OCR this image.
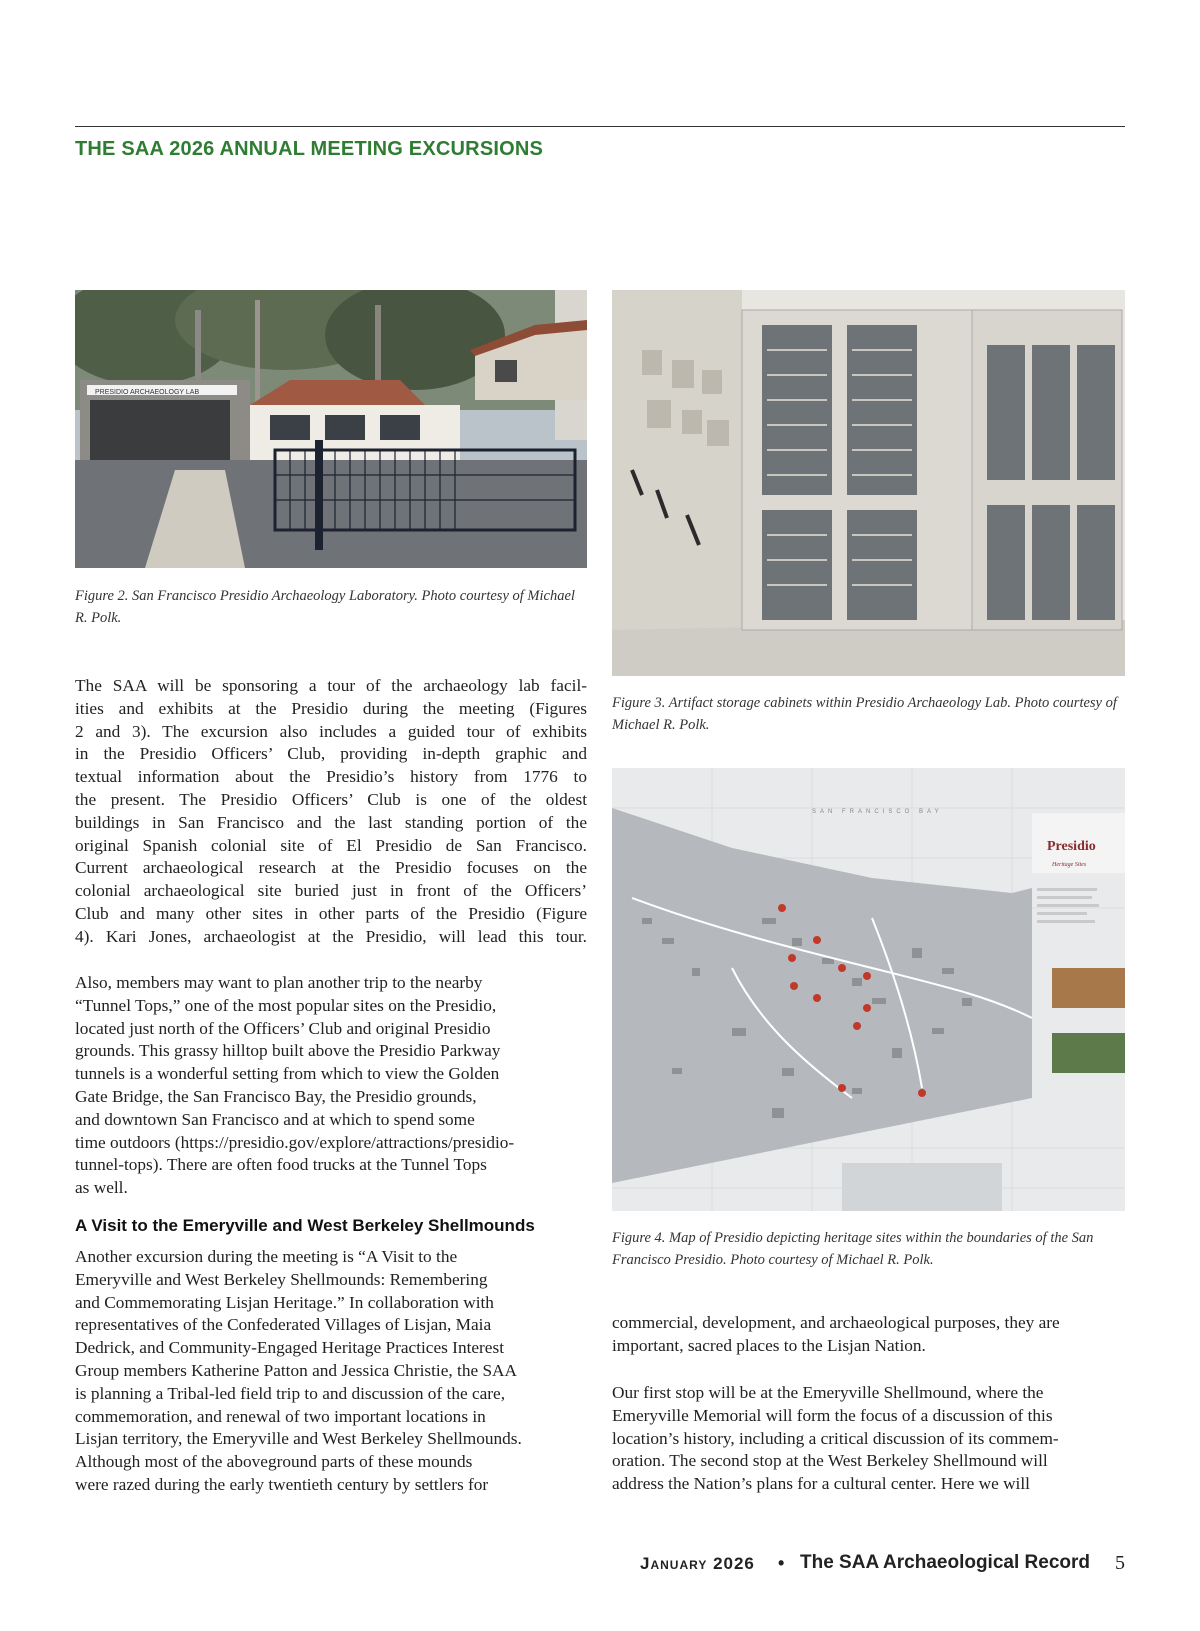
THE SAA 2026 ANNUAL MEETING EXCURSIONS
PRESIDIO ARCHAEOLOGY LAB

Figure 2. San Francisco Presidio Archaeology Laboratory. Photo courtesy of Michael R. Polk.

Figure 3. Artifact storage cabinets within Presidio Archaeology Lab. Photo courtesy of Michael R. Polk.

SAN FRANCISCO BAY
Presidio
Heritage Sites

Figure 4. Map of Presidio depicting heritage sites within the boundaries of the San Francisco Presidio. Photo courtesy of Michael R. Polk.

The SAA will be sponsoring a tour of the archaeology lab facil-
ities and exhibits at the Presidio during the meeting (Figures
2 and 3). The excursion also includes a guided tour of exhibits
in the Presidio Officers’ Club, providing in-depth graphic and
textual information about the Presidio’s history from 1776 to
the present. The Presidio Officers’ Club is one of the oldest
buildings in San Francisco and the last standing portion of the
original Spanish colonial site of El Presidio de San Francisco.
Current archaeological research at the Presidio focuses on the
colonial archaeological site buried just in front of the Officers’
Club and many other sites in other parts of the Presidio (Figure
4). Kari Jones, archaeologist at the Presidio, will lead this tour.

Also, members may want to plan another trip to the nearby
“Tunnel Tops,” one of the most popular sites on the Presidio,
located just north of the Officers’ Club and original Presidio
grounds. This grassy hilltop built above the Presidio Parkway
tunnels is a wonderful setting from which to view the Golden
Gate Bridge, the San Francisco Bay, the Presidio grounds,
and downtown San Francisco and at which to spend some
time outdoors (https://presidio.gov/explore/attractions/presidio-
tunnel-tops). There are often food trucks at the Tunnel Tops
as well.

A Visit to the Emeryville and West Berkeley Shellmounds

Another excursion during the meeting is “A Visit to the
Emeryville and West Berkeley Shellmounds: Remembering
and Commemorating Lisjan Heritage.” In collaboration with
representatives of the Confederated Villages of Lisjan, Maia
Dedrick, and Community-Engaged Heritage Practices Interest
Group members Katherine Patton and Jessica Christie, the SAA
is planning a Tribal-led field trip to and discussion of the care,
commemoration, and renewal of two important locations in
Lisjan territory, the Emeryville and West Berkeley Shellmounds.
Although most of the aboveground parts of these mounds
were razed during the early twentieth century by settlers for

commercial, development, and archaeological purposes, they are
important, sacred places to the Lisjan Nation.

Our first stop will be at the Emeryville Shellmound, where the
Emeryville Memorial will form the focus of a discussion of this
location’s history, including a critical discussion of its commem-
oration. The second stop at the West Berkeley Shellmound will
address the Nation’s plans for a cultural center. Here we will

January 2026 • The SAA Archaeological Record 5
